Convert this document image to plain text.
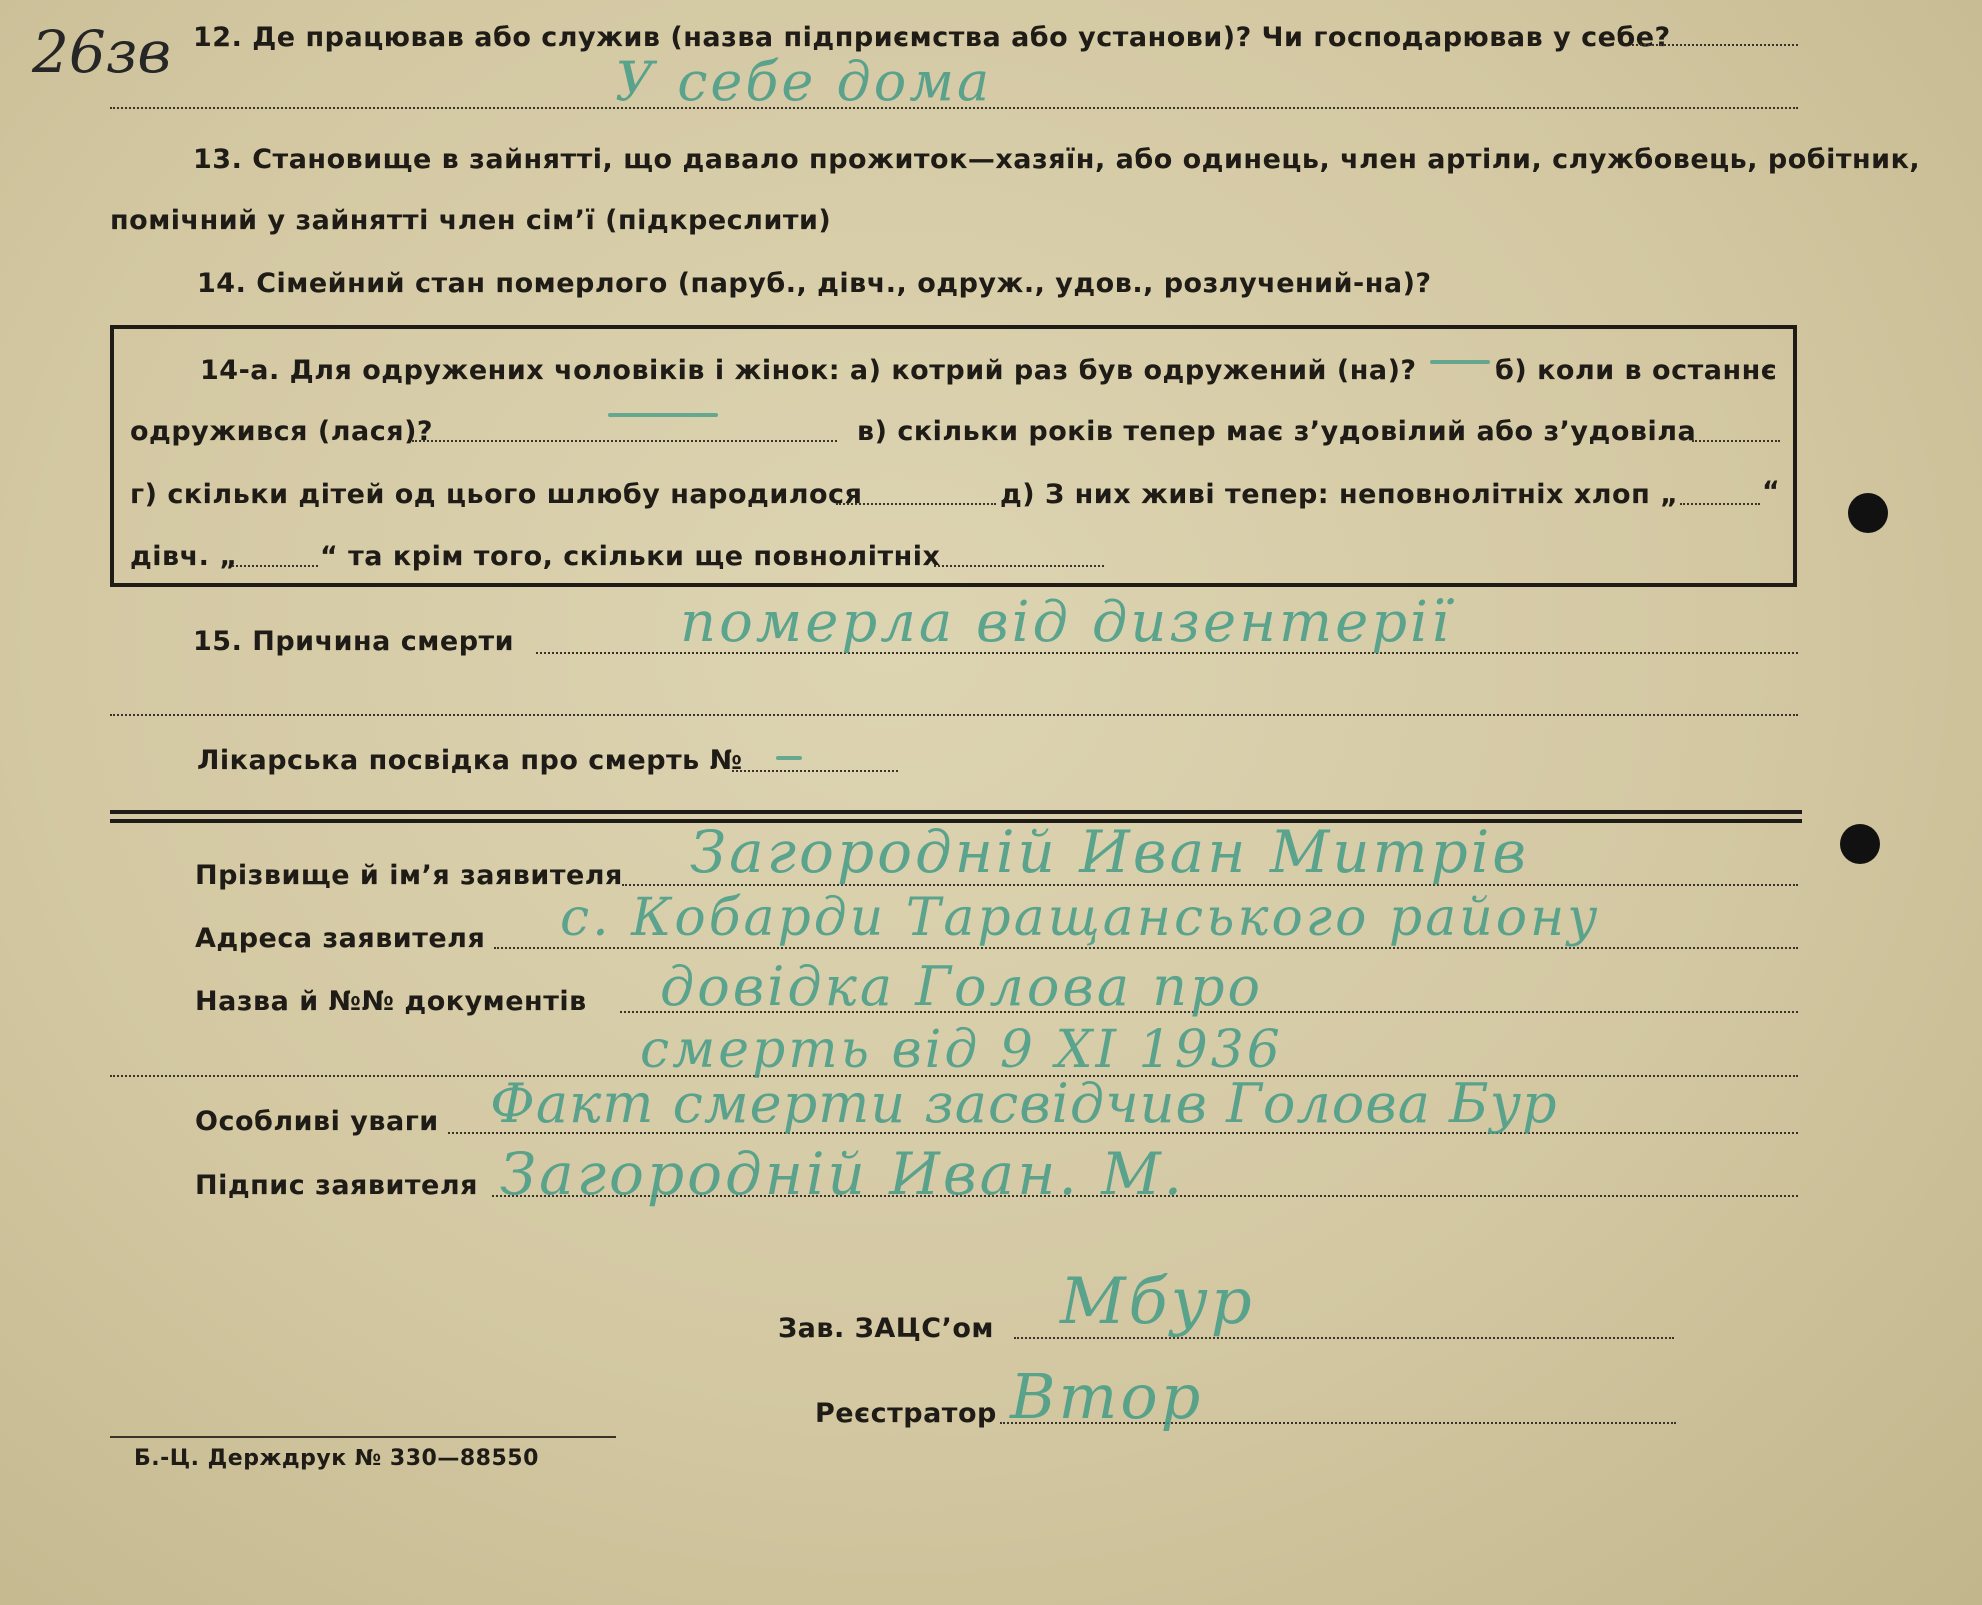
26зв 12. Де працював або служив (назва підприємства або установи)? Чи господарював у себе?
У себе дома
13. Становище в зайнятті, що давало прожиток—хазяїн, або одинець, член артіли, службовець, робітник,
помічний у зайнятті член сім’ї (підкреслити)
14. Сімейний стан померлого (паруб., дівч., одруж., удов., розлучений-на)?
14-а. Для одружених чоловіків і жінок: а) котрий раз був одружений (на)?	б) коли в останнє
одружився (лася)?	в) скільки років тепер має з’удовілий або з’удовіла
г) скільки дітей од цього шлюбу народилося	д) З них живі тепер: неповнолітніх хлоп „	“
дівч. „	“ та крім того, скільки ще повнолітніх
15. Причина смерти	померла від дизентерії
Лікарська посвідка про смерть №
Прізвище й ім’я заявителя Загородній Иван Митрів
Адреса заявителя с. Кобарди Таращанського району
Назва й №№ документів довідка Голова про
смерть від 9 XI 1936
Особливі уваги Факт смерти засвідчив Голова Бур
Підпис заявителя Загородній Иван. М.
Зав. ЗАЦС’ом Мбур
Реєстратор Втор
Б.-Ц. Держдрук № 330—88550
